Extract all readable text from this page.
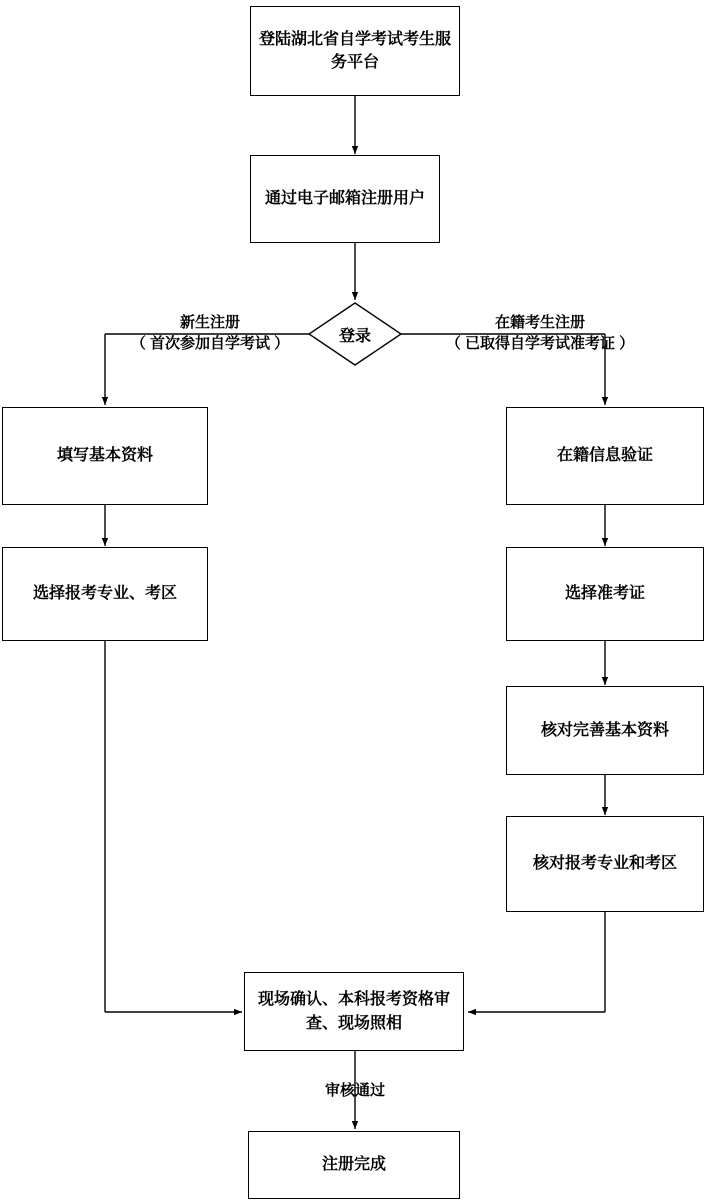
登陆湖北省自学考试考生服务平台
通过电子邮箱注册用户
登录
新生注册
（ 首次参加自学考试 ）
在籍考生注册
（ 已取得自学考试准考证 ）
填写基本资料
选择报考专业、考区
在籍信息验证
选择准考证
核对完善基本资料
核对报考专业和考区
现场确认、本科报考资格审查、现场照相
审核通过
注册完成
